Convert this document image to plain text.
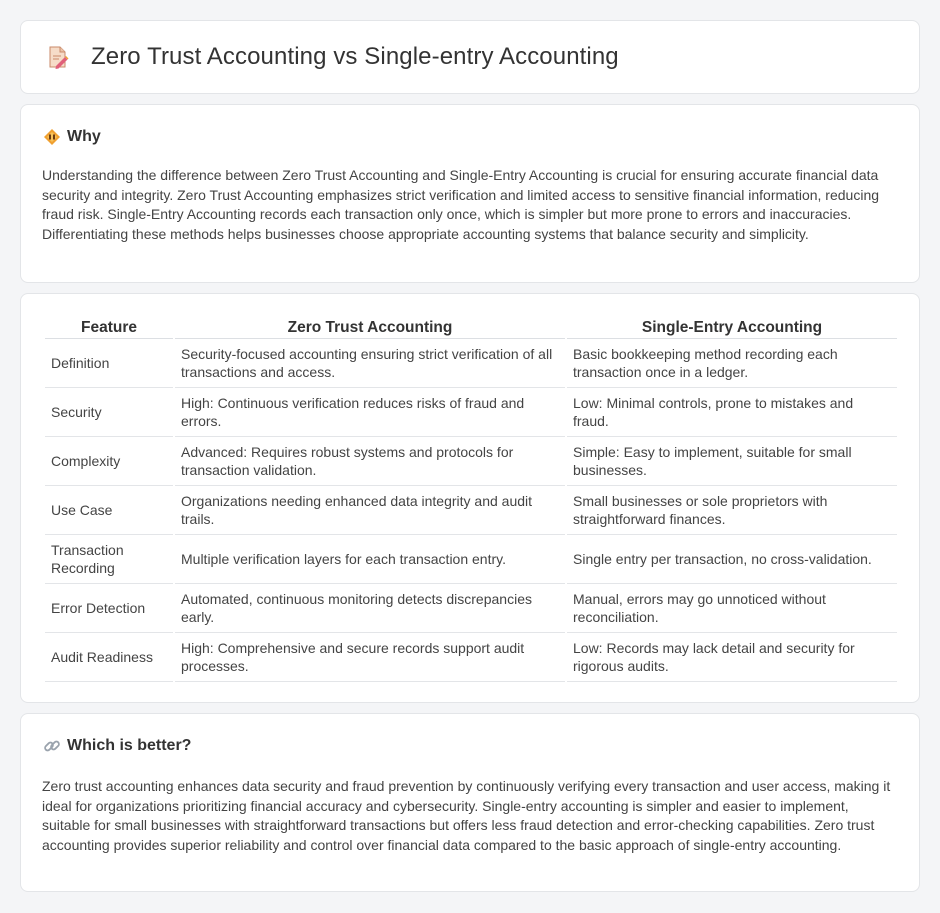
Zero Trust Accounting vs Single-entry Accounting
Why

Understanding the difference between Zero Trust Accounting and Single-Entry Accounting is crucial for ensuring accurate financial data security and integrity. Zero Trust Accounting emphasizes strict verification and limited access to sensitive financial information, reducing fraud risk. Single-Entry Accounting records each transaction only once, which is simpler but more prone to errors and inaccuracies. Differentiating these methods helps businesses choose appropriate accounting systems that balance security and simplicity.

Feature	Zero Trust Accounting	Single-Entry Accounting
Definition	Security-focused accounting ensuring strict verification of all transactions and access.	Basic bookkeeping method recording each transaction once in a ledger.
Security	High: Continuous verification reduces risks of fraud and errors.	Low: Minimal controls, prone to mistakes and fraud.
Complexity	Advanced: Requires robust systems and protocols for transaction validation.	Simple: Easy to implement, suitable for small businesses.
Use Case	Organizations needing enhanced data integrity and audit trails.	Small businesses or sole proprietors with straightforward finances.
Transaction Recording	Multiple verification layers for each transaction entry.	Single entry per transaction, no cross-validation.
Error Detection	Automated, continuous monitoring detects discrepancies early.	Manual, errors may go unnoticed without reconciliation.
Audit Readiness	High: Comprehensive and secure records support audit processes.	Low: Records may lack detail and security for rigorous audits.
Which is better?

Zero trust accounting enhances data security and fraud prevention by continuously verifying every transaction and user access, making it ideal for organizations prioritizing financial accuracy and cybersecurity. Single-entry accounting is simpler and easier to implement, suitable for small businesses with straightforward transactions but offers less fraud detection and error-checking capabilities. Zero trust accounting provides superior reliability and control over financial data compared to the basic approach of single-entry accounting.
